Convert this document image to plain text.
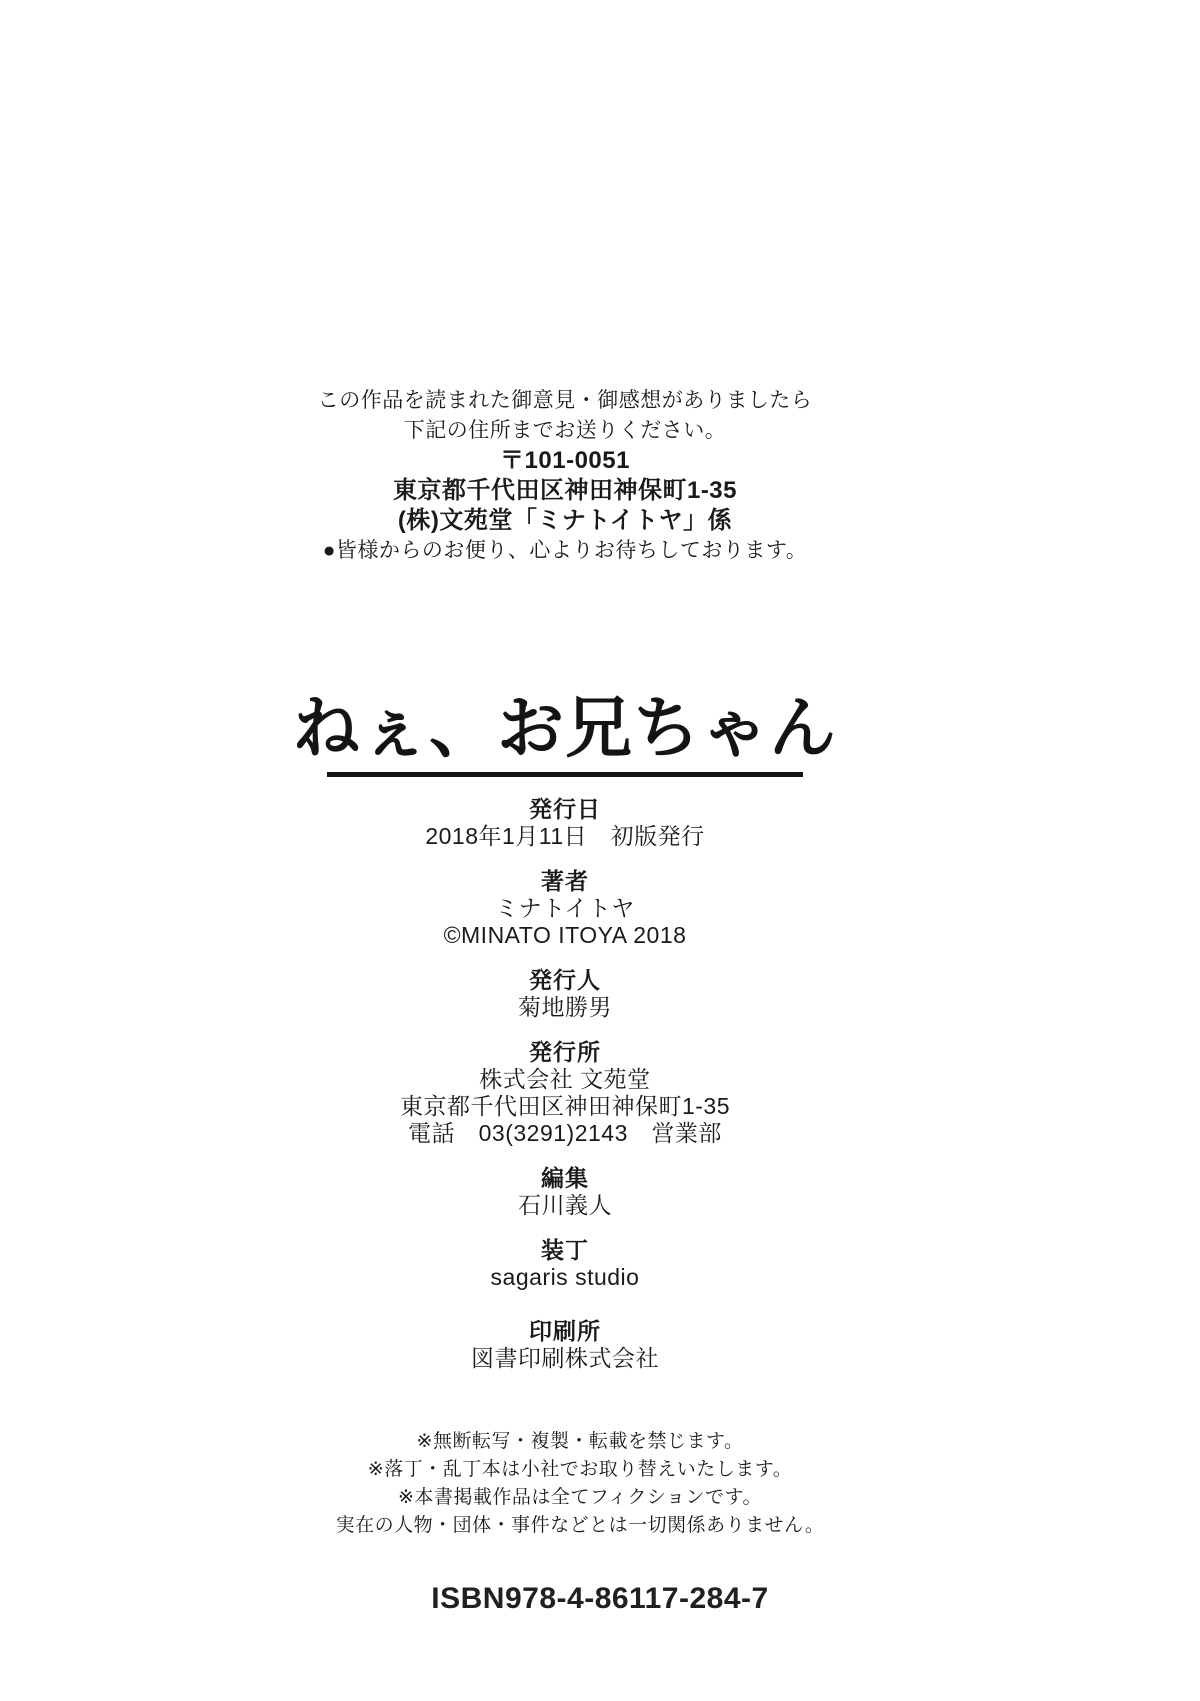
この作品を読まれた御意見・御感想がありましたら
下記の住所までお送りください。
〒101-0051
東京都千代田区神田神保町1-35
(株)文苑堂「ミナトイトヤ」係
●皆様からのお便り、心よりお待ちしております。
ねぇ、お兄ちゃん
発行日
2018年1月11日　初版発行
著者
ミナトイトヤ
©MINATO ITOYA 2018
発行人
菊地勝男
発行所
株式会社 文苑堂
東京都千代田区神田神保町1-35
電話　03(3291)2143　営業部
編集
石川義人
装丁
sagaris studio
印刷所
図書印刷株式会社
※無断転写・複製・転載を禁じます。
※落丁・乱丁本は小社でお取り替えいたします。
※本書掲載作品は全てフィクションです。
実在の人物・団体・事件などとは一切関係ありません。
ISBN978-4-86117-284-7
